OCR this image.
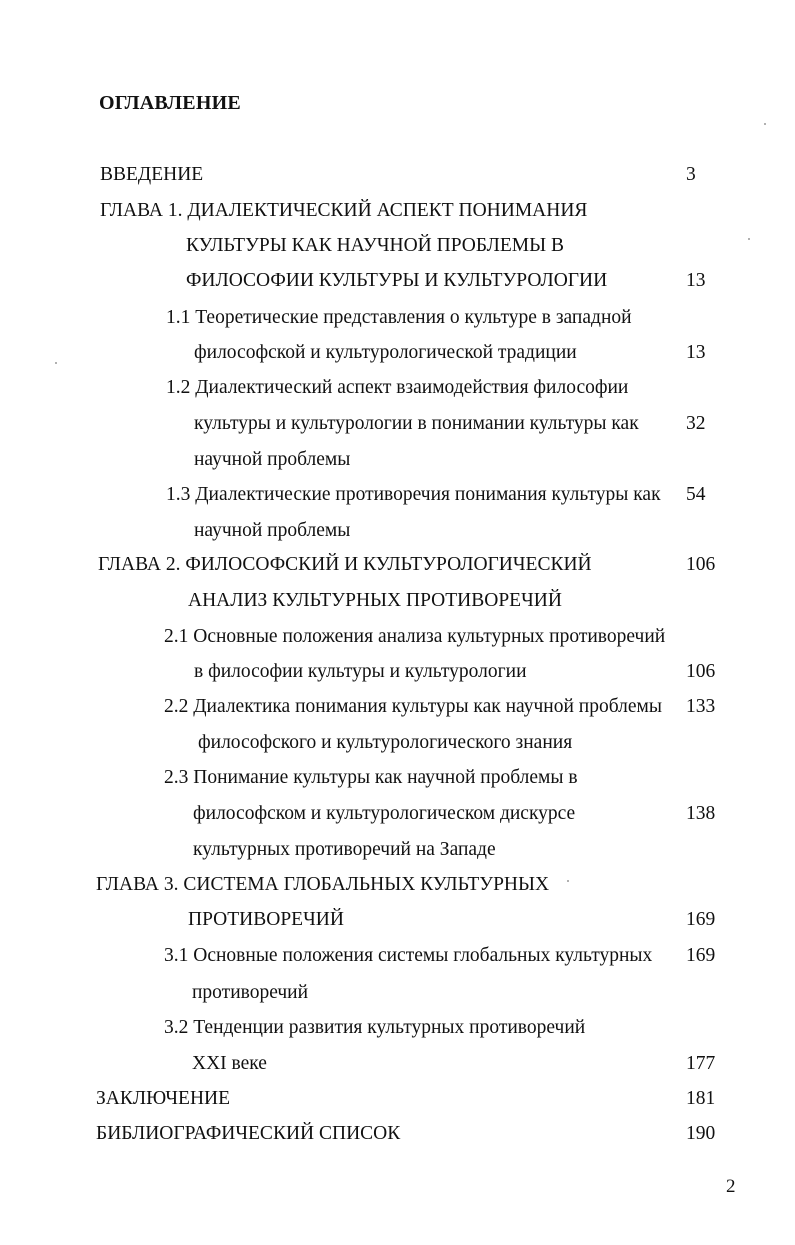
ОГЛАВЛЕНИЕ
ВВЕДЕНИЕ	3
ГЛАВА 1. ДИАЛЕКТИЧЕСКИЙ АСПЕКТ ПОНИМАНИЯ
КУЛЬТУРЫ КАК НАУЧНОЙ ПРОБЛЕМЫ В
ФИЛОСОФИИ КУЛЬТУРЫ И КУЛЬТУРОЛОГИИ	13
1.1 Теоретические представления о культуре в западной
философской и культурологической традиции	13
1.2 Диалектический аспект взаимодействия философии
культуры и культурологии в понимании культуры как 32
научной проблемы
1.3 Диалектические противоречия понимания культуры как 54
научной проблемы
ГЛАВА 2. ФИЛОСОФСКИЙ И КУЛЬТУРОЛОГИЧЕСКИЙ	106
АНАЛИЗ КУЛЬТУРНЫХ ПРОТИВОРЕЧИЙ
2.1 Основные положения анализа культурных противоречий
в философии культуры и культурологии	106
2.2 Диалектика понимания культуры как научной проблемы 133
философского и культурологического знания
2.3 Понимание культуры как научной проблемы в
философском и культурологическом дискурсе	138
культурных противоречий на Западе
ГЛАВА 3. СИСТЕМА ГЛОБАЛЬНЫХ КУЛЬТУРНЫХ
ПРОТИВОРЕЧИЙ	169
3.1 Основные положения системы глобальных культурных 169
противоречий
3.2 Тенденции развития культурных противоречий
XXI веке	177
ЗАКЛЮЧЕНИЕ	181
БИБЛИОГРАФИЧЕСКИЙ СПИСОК	190
2
